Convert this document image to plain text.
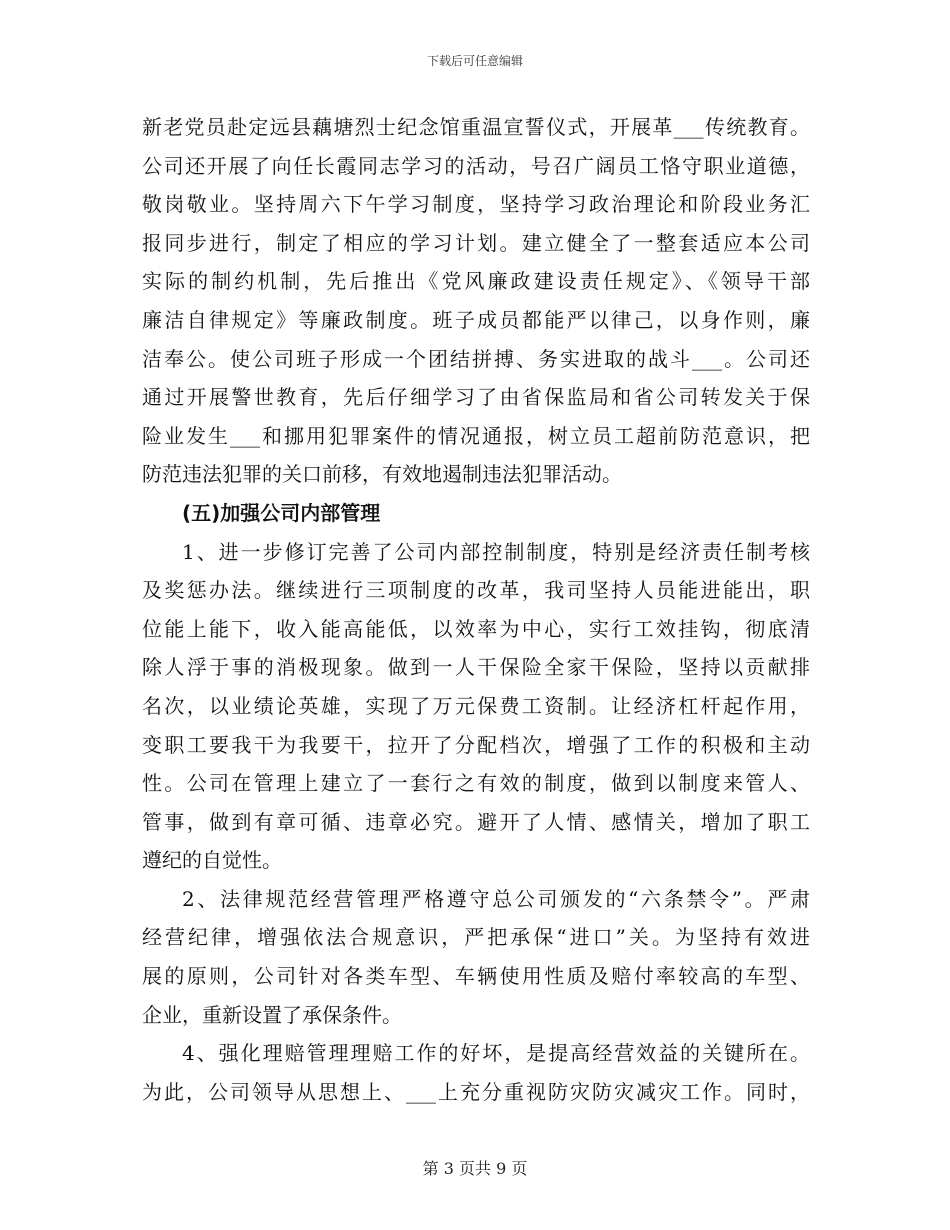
下载后可任意编辑
新老党员赴定远县藕塘烈士纪念馆重温宣誓仪式，开展革___传统教育。
公司还开展了向任长霞同志学习的活动，号召广阔员工恪守职业道德，
敬岗敬业。坚持周六下午学习制度，坚持学习政治理论和阶段业务汇
报同步进行，制定了相应的学习计划。建立健全了一整套适应本公司
实际的制约机制，先后推出《党风廉政建设责任规定》、《领导干部
廉洁自律规定》等廉政制度。班子成员都能严以律己，以身作则，廉
洁奉公。使公司班子形成一个团结拼搏、务实进取的战斗___。公司还
通过开展警世教育，先后仔细学习了由省保监局和省公司转发关于保
险业发生___和挪用犯罪案件的情况通报，树立员工超前防范意识，把
防范违法犯罪的关口前移，有效地遏制违法犯罪活动。
(五)加强公司内部管理
1、进一步修订完善了公司内部控制制度，特别是经济责任制考核
及奖惩办法。继续进行三项制度的改革，我司坚持人员能进能出，职
位能上能下，收入能高能低，以效率为中心，实行工效挂钩，彻底清
除人浮于事的消极现象。做到一人干保险全家干保险，坚持以贡献排
名次，以业绩论英雄，实现了万元保费工资制。让经济杠杆起作用，
变职工要我干为我要干，拉开了分配档次，增强了工作的积极和主动
性。公司在管理上建立了一套行之有效的制度，做到以制度来管人、
管事，做到有章可循、违章必究。避开了人情、感情关，增加了职工
遵纪的自觉性。
2、法律规范经营管理严格遵守总公司颁发的“六条禁令”。严肃
经营纪律，增强依法合规意识，严把承保“进口”关。为坚持有效进
展的原则，公司针对各类车型、车辆使用性质及赔付率较高的车型、
企业，重新设置了承保条件。
4、强化理赔管理理赔工作的好坏，是提高经营效益的关键所在。
为此，公司领导从思想上、___上充分重视防灾防灾减灾工作。同时，
第 3 页共 9 页
